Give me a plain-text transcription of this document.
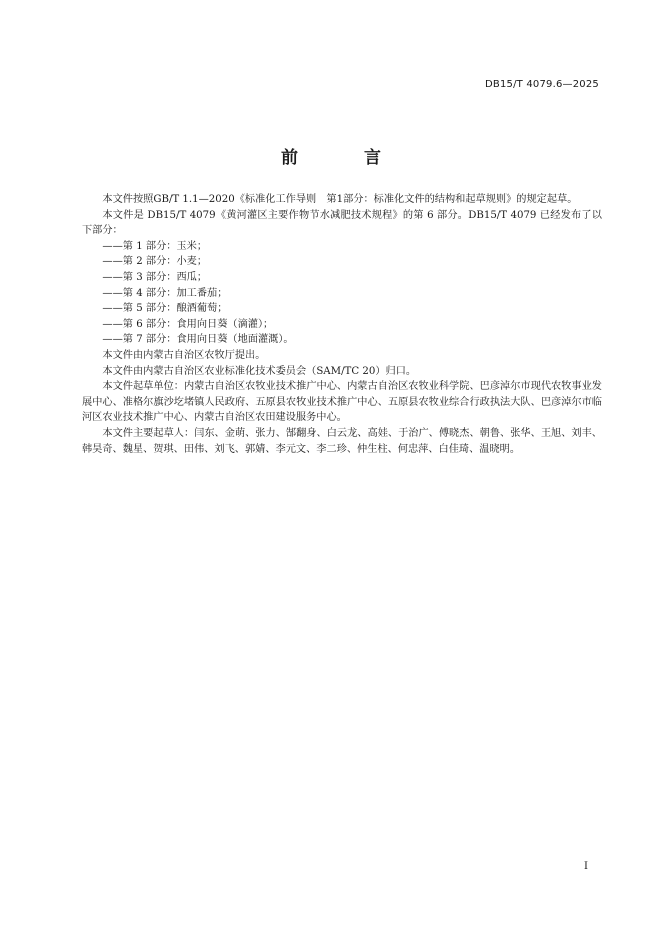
DB15/T 4079.6—2025
前 言

本文件按照GB/T 1.1—2020《标准化工作导则　第1部分：标准化文件的结构和起草规则》的规定起草。

本文件是 DB15/T 4079《黄河灌区主要作物节水减肥技术规程》的第 6 部分。DB15/T 4079 已经发布了以下部分：

——第 1 部分：玉米；

——第 2 部分：小麦；

——第 3 部分：西瓜；

——第 4 部分：加工番茄；

——第 5 部分：酿酒葡萄；

——第 6 部分：食用向日葵（滴灌）；

——第 7 部分：食用向日葵（地面灌溉）。

本文件由内蒙古自治区农牧厅提出。

本文件由内蒙古自治区农业标准化技术委员会（SAM/TC 20）归口。

本文件起草单位：内蒙古自治区农牧业技术推广中心、内蒙古自治区农牧业科学院、巴彦淖尔市现代农牧事业发展中心、准格尔旗沙圪堵镇人民政府、五原县农牧业技术推广中心、五原县农牧业综合行政执法大队、巴彦淖尔市临河区农业技术推广中心、内蒙古自治区农田建设服务中心。

本文件主要起草人：闫东、金萌、张力、郜翻身、白云龙、高娃、于治广、傅晓杰、朝鲁、张华、王旭、刘丰、韩昊奇、魏星、贺琪、田伟、刘飞、郭婧、李元文、李二珍、仲生柱、何忠萍、白佳琦、温晓明。

I
